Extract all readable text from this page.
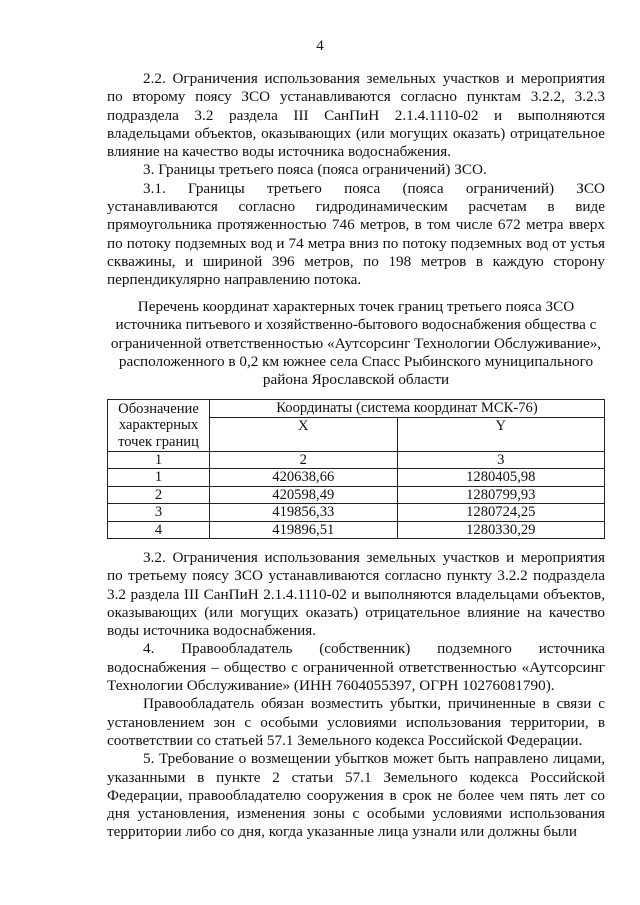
4

2.2. Ограничения использования земельных участков и мероприятия по второму поясу ЗСО устанавливаются согласно пунктам 3.2.2, 3.2.3 подраздела 3.2 раздела III СанПиН 2.1.4.1110-02 и выполняются владельцами объектов, оказывающих (или могущих оказать) отрицательное влияние на качество воды источника водоснабжения.

3. Границы третьего пояса (пояса ограничений) ЗСО.

3.1. Границы третьего пояса (пояса ограничений) ЗСО устанавливаются согласно гидродинамическим расчетам в виде прямоугольника протяженностью 746 метров, в том числе 672 метра вверх по потоку подземных вод и 74 метра вниз по потоку подземных вод от устья скважины, и шириной 396 метров, по 198 метров в каждую сторону перпендикулярно направлению потока.

Перечень координат характерных точек границ третьего пояса ЗСО источника питьевого и хозяйственно-бытового водоснабжения общества с ограниченной ответственностью «Аутсорсинг Технологии Обслуживание», расположенного в 0,2 км южнее села Спасс Рыбинского муниципального района Ярославской области

Обозначение характерных точек границ	Координаты (система координат МСК-76)	
	X	Y
1	2	3
1	420638,66	1280405,98
2	420598,49	1280799,93
3	419856,33	1280724,25
4	419896,51	1280330,29

3.2. Ограничения использования земельных участков и мероприятия по третьему поясу ЗСО устанавливаются согласно пункту 3.2.2 подраздела 3.2 раздела III СанПиН 2.1.4.1110-02 и выполняются владельцами объектов, оказывающих (или могущих оказать) отрицательное влияние на качество воды источника водоснабжения.

4. Правообладатель (собственник) подземного источника водоснабжения – общество с ограниченной ответственностью «Аутсорсинг Технологии Обслуживание» (ИНН 7604055397, ОГРН 10276081790).

Правообладатель обязан возместить убытки, причиненные в связи с установлением зон с особыми условиями использования территории, в соответствии со статьей 57.1 Земельного кодекса Российской Федерации.

5. Требование о возмещении убытков может быть направлено лицами, указанными в пункте 2 статьи 57.1 Земельного кодекса Российской Федерации, правообладателю сооружения в срок не более чем пять лет со дня установления, изменения зоны с особыми условиями использования территории либо со дня, когда указанные лица узнали или должны были
